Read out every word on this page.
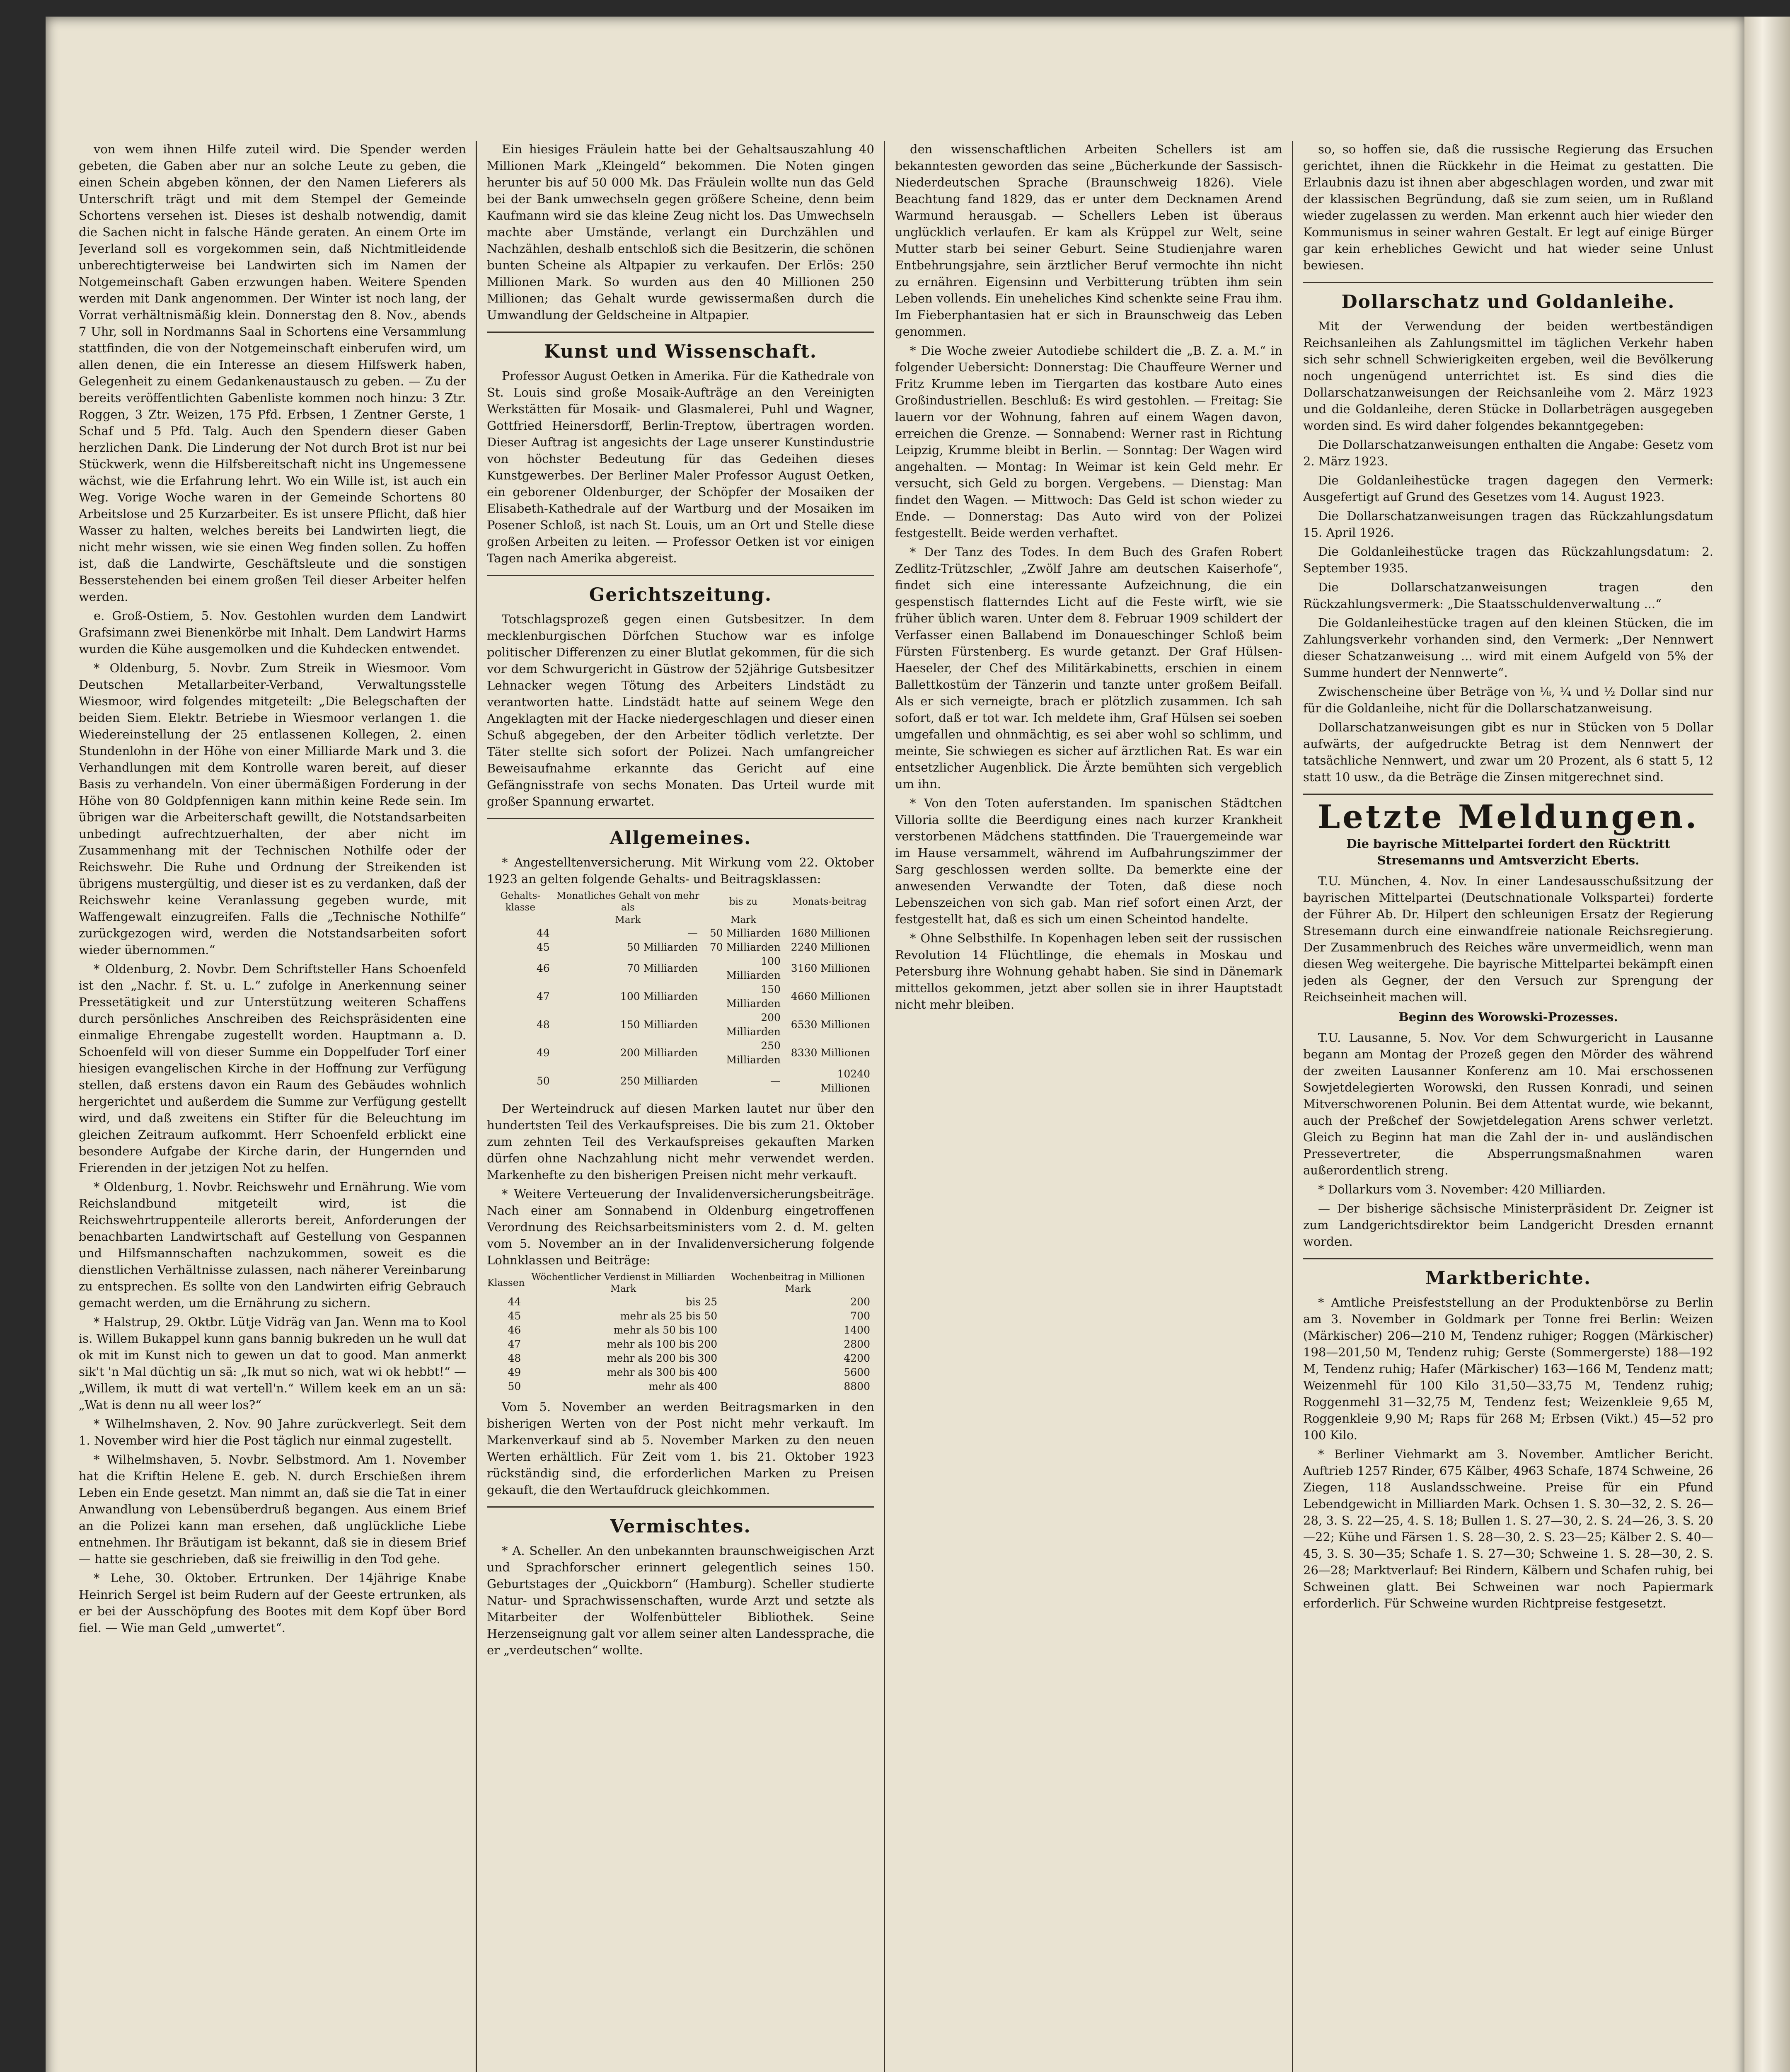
von wem ihnen Hilfe zuteil wird. Die Spender werden gebeten, die Gaben aber nur an solche Leute zu geben, die einen Schein abgeben können, der den Namen Lieferers als Unterschrift trägt und mit dem Stempel der Gemeinde Schortens versehen ist. Dieses ist deshalb notwendig, damit die Sachen nicht in falsche Hände geraten. An einem Orte im Jeverland soll es vorgekommen sein, daß Nichtmitleidende unberechtigterweise bei Landwirten sich im Namen der Notgemeinschaft Gaben erzwungen haben. Weitere Spenden werden mit Dank angenommen. Der Winter ist noch lang, der Vorrat verhältnismäßig klein. Donnerstag den 8. Nov., abends 7 Uhr, soll in Nordmanns Saal in Schortens eine Versammlung stattfinden, die von der Notgemeinschaft einberufen wird, um allen denen, die ein Interesse an diesem Hilfswerk haben, Gelegenheit zu einem Gedankenaustausch zu geben. — Zu der bereits veröffentlichten Gabenliste kommen noch hinzu: 3 Ztr. Roggen, 3 Ztr. Weizen, 175 Pfd. Erbsen, 1 Zentner Gerste, 1 Schaf und 5 Pfd. Talg. Auch den Spendern dieser Gaben herzlichen Dank. Die Linderung der Not durch Brot ist nur bei Stückwerk, wenn die Hilfsbereitschaft nicht ins Ungemessene wächst, wie die Erfahrung lehrt. Wo ein Wille ist, ist auch ein Weg. Vorige Woche waren in der Gemeinde Schortens 80 Arbeitslose und 25 Kurzarbeiter. Es ist unsere Pflicht, daß hier Wasser zu halten, welches bereits bei Landwirten liegt, die nicht mehr wissen, wie sie einen Weg finden sollen. Zu hoffen ist, daß die Landwirte, Geschäftsleute und die sonstigen Besserstehenden bei einem großen Teil dieser Arbeiter helfen werden.

e. Groß-Ostiem, 5. Nov. Gestohlen wurden dem Landwirt Grafsimann zwei Bienenkörbe mit Inhalt. Dem Landwirt Harms wurden die Kühe ausgemolken und die Kuhdecken entwendet.

* Oldenburg, 5. Novbr. Zum Streik in Wiesmoor. Vom Deutschen Metallarbeiter-Verband, Verwaltungsstelle Wiesmoor, wird folgendes mitgeteilt: „Die Belegschaften der beiden Siem. Elektr. Betriebe in Wiesmoor verlangen 1. die Wiedereinstellung der 25 entlassenen Kollegen, 2. einen Stundenlohn in der Höhe von einer Milliarde Mark und 3. die Verhandlungen mit dem Kontrolle waren bereit, auf dieser Basis zu verhandeln. Von einer übermäßigen Forderung in der Höhe von 80 Goldpfennigen kann mithin keine Rede sein. Im übrigen war die Arbeiterschaft gewillt, die Notstandsarbeiten unbedingt aufrechtzuerhalten, der aber nicht im Zusammenhang mit der Technischen Nothilfe oder der Reichswehr. Die Ruhe und Ordnung der Streikenden ist übrigens mustergültig, und dieser ist es zu verdanken, daß der Reichswehr keine Veranlassung gegeben wurde, mit Waffengewalt einzugreifen. Falls die „Technische Nothilfe“ zurückgezogen wird, werden die Notstandsarbeiten sofort wieder übernommen.“

* Oldenburg, 2. Novbr. Dem Schriftsteller Hans Schoenfeld ist den „Nachr. f. St. u. L.“ zufolge in Anerkennung seiner Pressetätigkeit und zur Unterstützung weiteren Schaffens durch persönliches Anschreiben des Reichspräsidenten eine einmalige Ehrengabe zugestellt worden. Hauptmann a. D. Schoenfeld will von dieser Summe ein Doppelfuder Torf einer hiesigen evangelischen Kirche in der Hoffnung zur Verfügung stellen, daß erstens davon ein Raum des Gebäudes wohnlich hergerichtet und außerdem die Summe zur Verfügung gestellt wird, und daß zweitens ein Stifter für die Beleuchtung im gleichen Zeitraum aufkommt. Herr Schoenfeld erblickt eine besondere Aufgabe der Kirche darin, der Hungernden und Frierenden in der jetzigen Not zu helfen.

* Oldenburg, 1. Novbr. Reichswehr und Ernährung. Wie vom Reichslandbund mitgeteilt wird, ist die Reichswehrtruppenteile allerorts bereit, Anforderungen der benachbarten Landwirtschaft auf Gestellung von Gespannen und Hilfsmannschaften nachzukommen, soweit es die dienstlichen Verhältnisse zulassen, nach näherer Vereinbarung zu entsprechen. Es sollte von den Landwirten eifrig Gebrauch gemacht werden, um die Ernährung zu sichern.

* Halstrup, 29. Oktbr. Lütje Vidräg van Jan. Wenn ma to Kool is. Willem Bukappel kunn gans bannig bukreden un he wull dat ok mit im Kunst nich to gewen un dat to good. Man anmerkt sik't 'n Mal düchtig un sä: „Ik mut so nich, wat wi ok hebbt!“ — „Willem, ik mutt di wat vertell'n.“ Willem keek em an un sä: „Wat is denn nu all weer los?“

* Wilhelmshaven, 2. Nov. 90 Jahre zurückverlegt. Seit dem 1. November wird hier die Post täglich nur einmal zugestellt.

* Wilhelmshaven, 5. Novbr. Selbstmord. Am 1. November hat die Kriftin Helene E. geb. N. durch Erschießen ihrem Leben ein Ende gesetzt. Man nimmt an, daß sie die Tat in einer Anwandlung von Lebensüberdruß begangen. Aus einem Brief an die Polizei kann man ersehen, daß unglückliche Liebe entnehmen. Ihr Bräutigam ist bekannt, daß sie in diesem Brief — hatte sie geschrieben, daß sie freiwillig in den Tod gehe.

* Lehe, 30. Oktober. Ertrunken. Der 14jährige Knabe Heinrich Sergel ist beim Rudern auf der Geeste ertrunken, als er bei der Ausschöpfung des Bootes mit dem Kopf über Bord fiel. — Wie man Geld „umwertet“.

Ein hiesiges Fräulein hatte bei der Gehaltsauszahlung 40 Millionen Mark „Kleingeld“ bekommen. Die Noten gingen herunter bis auf 50 000 Mk. Das Fräulein wollte nun das Geld bei der Bank umwechseln gegen größere Scheine, denn beim Kaufmann wird sie das kleine Zeug nicht los. Das Umwechseln machte aber Umstände, verlangt ein Durchzählen und Nachzählen, deshalb entschloß sich die Besitzerin, die schönen bunten Scheine als Altpapier zu verkaufen. Der Erlös: 250 Millionen Mark. So wurden aus den 40 Millionen 250 Millionen; das Gehalt wurde gewissermaßen durch die Umwandlung der Geldscheine in Altpapier.

Kunst und Wissenschaft.

Professor August Oetken in Amerika. Für die Kathedrale von St. Louis sind große Mosaik-Aufträge an den Vereinigten Werkstätten für Mosaik- und Glasmalerei, Puhl und Wagner, Gottfried Heinersdorff, Berlin-Treptow, übertragen worden. Dieser Auftrag ist angesichts der Lage unserer Kunstindustrie von höchster Bedeutung für das Gedeihen dieses Kunstgewerbes. Der Berliner Maler Professor August Oetken, ein geborener Oldenburger, der Schöpfer der Mosaiken der Elisabeth-Kathedrale auf der Wartburg und der Mosaiken im Posener Schloß, ist nach St. Louis, um an Ort und Stelle diese großen Arbeiten zu leiten. — Professor Oetken ist vor einigen Tagen nach Amerika abgereist.

Gerichtszeitung.

Totschlagsprozeß gegen einen Gutsbesitzer. In dem mecklenburgischen Dörfchen Stuchow war es infolge politischer Differenzen zu einer Blutlat gekommen, für die sich vor dem Schwurgericht in Güstrow der 52jährige Gutsbesitzer Lehnacker wegen Tötung des Arbeiters Lindstädt zu verantworten hatte. Lindstädt hatte auf seinem Wege den Angeklagten mit der Hacke niedergeschlagen und dieser einen Schuß abgegeben, der den Arbeiter tödlich verletzte. Der Täter stellte sich sofort der Polizei. Nach umfangreicher Beweisaufnahme erkannte das Gericht auf eine Gefängnisstrafe von sechs Monaten. Das Urteil wurde mit großer Spannung erwartet.

Allgemeines.

* Angestelltenversicherung. Mit Wirkung vom 22. Oktober 1923 an gelten folgende Gehalts- und Beitragsklassen:

Gehalts-klasse	Monatliches Gehalt von mehr als	bis zu	Monats-beitrag
	Mark	Mark	
44	—	50 Milliarden	1680 Millionen
45	50 Milliarden	70 Milliarden	2240 Millionen
46	70 Milliarden	100 Milliarden	3160 Millionen
47	100 Milliarden	150 Milliarden	4660 Millionen
48	150 Milliarden	200 Milliarden	6530 Millionen
49	200 Milliarden	250 Milliarden	8330 Millionen
50	250 Milliarden	—	10240 Millionen

Der Werteindruck auf diesen Marken lautet nur über den hundertsten Teil des Verkaufspreises. Die bis zum 21. Oktober zum zehnten Teil des Verkaufspreises gekauften Marken dürfen ohne Nachzahlung nicht mehr verwendet werden. Markenhefte zu den bisherigen Preisen nicht mehr verkauft.

* Weitere Verteuerung der Invalidenversicherungsbeiträge. Nach einer am Sonnabend in Oldenburg eingetroffenen Verordnung des Reichsarbeitsministers vom 2. d. M. gelten vom 5. November an in der Invalidenversicherung folgende Lohnklassen und Beiträge:

Klassen	Wöchentlicher Verdienst in Milliarden Mark	Wochenbeitrag in Millionen Mark
44	bis 25	200
45	mehr als 25 bis 50	700
46	mehr als 50 bis 100	1400
47	mehr als 100 bis 200	2800
48	mehr als 200 bis 300	4200
49	mehr als 300 bis 400	5600
50	mehr als 400	8800

Vom 5. November an werden Beitragsmarken in den bisherigen Werten von der Post nicht mehr verkauft. Im Markenverkauf sind ab 5. November Marken zu den neuen Werten erhältlich. Für Zeit vom 1. bis 21. Oktober 1923 rückständig sind, die erforderlichen Marken zu Preisen gekauft, die den Wertaufdruck gleichkommen.

Vermischtes.

* A. Scheller. An den unbekannten braunschweigischen Arzt und Sprachforscher erinnert gelegentlich seines 150. Geburtstages der „Quickborn“ (Hamburg). Scheller studierte Natur- und Sprachwissenschaften, wurde Arzt und setzte als Mitarbeiter der Wolfenbütteler Bibliothek. Seine Herzenseignung galt vor allem seiner alten Landessprache, die er „verdeutschen“ wollte.

den wissenschaftlichen Arbeiten Schellers ist am bekanntesten geworden das seine „Bücherkunde der Sassisch-Niederdeutschen Sprache (Braunschweig 1826). Viele Beachtung fand 1829, das er unter dem Decknamen Arend Warmund herausgab. — Schellers Leben ist überaus unglücklich verlaufen. Er kam als Krüppel zur Welt, seine Mutter starb bei seiner Geburt. Seine Studienjahre waren Entbehrungsjahre, sein ärztlicher Beruf vermochte ihn nicht zu ernähren. Eigensinn und Verbitterung trübten ihm sein Leben vollends. Ein uneheliches Kind schenkte seine Frau ihm. Im Fieberphantasien hat er sich in Braunschweig das Leben genommen.

* Die Woche zweier Autodiebe schildert die „B. Z. a. M.“ in folgender Uebersicht: Donnerstag: Die Chauffeure Werner und Fritz Krumme leben im Tiergarten das kostbare Auto eines Großindustriellen. Beschluß: Es wird gestohlen. — Freitag: Sie lauern vor der Wohnung, fahren auf einem Wagen davon, erreichen die Grenze. — Sonnabend: Werner rast in Richtung Leipzig, Krumme bleibt in Berlin. — Sonntag: Der Wagen wird angehalten. — Montag: In Weimar ist kein Geld mehr. Er versucht, sich Geld zu borgen. Vergebens. — Dienstag: Man findet den Wagen. — Mittwoch: Das Geld ist schon wieder zu Ende. — Donnerstag: Das Auto wird von der Polizei festgestellt. Beide werden verhaftet.

* Der Tanz des Todes. In dem Buch des Grafen Robert Zedlitz-Trützschler, „Zwölf Jahre am deutschen Kaiserhofe“, findet sich eine interessante Aufzeichnung, die ein gespenstisch flatterndes Licht auf die Feste wirft, wie sie früher üblich waren. Unter dem 8. Februar 1909 schildert der Verfasser einen Ballabend im Donaueschinger Schloß beim Fürsten Fürstenberg. Es wurde getanzt. Der Graf Hülsen-Haeseler, der Chef des Militärkabinetts, erschien in einem Ballettkostüm der Tänzerin und tanzte unter großem Beifall. Als er sich verneigte, brach er plötzlich zusammen. Ich sah sofort, daß er tot war. Ich meldete ihm, Graf Hülsen sei soeben umgefallen und ohnmächtig, es sei aber wohl so schlimm, und meinte, Sie schwiegen es sicher auf ärztlichen Rat. Es war ein entsetzlicher Augenblick. Die Ärzte bemühten sich vergeblich um ihn.

* Von den Toten auferstanden. Im spanischen Städtchen Villoria sollte die Beerdigung eines nach kurzer Krankheit verstorbenen Mädchens stattfinden. Die Trauergemeinde war im Hause versammelt, während im Aufbahrungszimmer der Sarg geschlossen werden sollte. Da bemerkte eine der anwesenden Verwandte der Toten, daß diese noch Lebenszeichen von sich gab. Man rief sofort einen Arzt, der festgestellt hat, daß es sich um einen Scheintod handelte.

* Ohne Selbsthilfe. In Kopenhagen leben seit der russischen Revolution 14 Flüchtlinge, die ehemals in Moskau und Petersburg ihre Wohnung gehabt haben. Sie sind in Dänemark mittellos gekommen, jetzt aber sollen sie in ihrer Hauptstadt nicht mehr bleiben.

so, so hoffen sie, daß die russische Regierung das Ersuchen gerichtet, ihnen die Rückkehr in die Heimat zu gestatten. Die Erlaubnis dazu ist ihnen aber abgeschlagen worden, und zwar mit der klassischen Begründung, daß sie zum seien, um in Rußland wieder zugelassen zu werden. Man erkennt auch hier wieder den Kommunismus in seiner wahren Gestalt. Er legt auf einige Bürger gar kein erhebliches Gewicht und hat wieder seine Unlust bewiesen.

Dollarschatz und Goldanleihe.

Mit der Verwendung der beiden wertbeständigen Reichsanleihen als Zahlungsmittel im täglichen Verkehr haben sich sehr schnell Schwierigkeiten ergeben, weil die Bevölkerung noch ungenügend unterrichtet ist. Es sind dies die Dollarschatzanweisungen der Reichsanleihe vom 2. März 1923 und die Goldanleihe, deren Stücke in Dollarbeträgen ausgegeben worden sind. Es wird daher folgendes bekanntgegeben:

Die Dollarschatzanweisungen enthalten die Angabe: Gesetz vom 2. März 1923.

Die Goldanleihestücke tragen dagegen den Vermerk: Ausgefertigt auf Grund des Gesetzes vom 14. August 1923.

Die Dollarschatzanweisungen tragen das Rückzahlungsdatum 15. April 1926.

Die Goldanleihestücke tragen das Rückzahlungsdatum: 2. September 1935.

Die Dollarschatzanweisungen tragen den Rückzahlungsvermerk: „Die Staatsschuldenverwaltung ...“

Die Goldanleihestücke tragen auf den kleinen Stücken, die im Zahlungsverkehr vorhanden sind, den Vermerk: „Der Nennwert dieser Schatzanweisung ... wird mit einem Aufgeld von 5% der Summe hundert der Nennwerte“.

Zwischenscheine über Beträge von ⅛, ¼ und ½ Dollar sind nur für die Goldanleihe, nicht für die Dollarschatzanweisung.

Dollarschatzanweisungen gibt es nur in Stücken von 5 Dollar aufwärts, der aufgedruckte Betrag ist dem Nennwert der tatsächliche Nennwert, und zwar um 20 Prozent, als 6 statt 5, 12 statt 10 usw., da die Beträge die Zinsen mitgerechnet sind.

Letzte Meldungen.

Die bayrische Mittelpartei fordert den Rücktritt Stresemanns und Amtsverzicht Eberts.

T.U. München, 4. Nov. In einer Landesausschußsitzung der bayrischen Mittelpartei (Deutschnationale Volkspartei) forderte der Führer Ab. Dr. Hilpert den schleunigen Ersatz der Regierung Stresemann durch eine einwandfreie nationale Reichsregierung. Der Zusammenbruch des Reiches wäre unvermeidlich, wenn man diesen Weg weitergehe. Die bayrische Mittelpartei bekämpft einen jeden als Gegner, der den Versuch zur Sprengung der Reichseinheit machen will.

Beginn des Worowski-Prozesses.

T.U. Lausanne, 5. Nov. Vor dem Schwurgericht in Lausanne begann am Montag der Prozeß gegen den Mörder des während der zweiten Lausanner Konferenz am 10. Mai erschossenen Sowjetdelegierten Worowski, den Russen Konradi, und seinen Mitverschworenen Polunin. Bei dem Attentat wurde, wie bekannt, auch der Preßchef der Sowjetdelegation Arens schwer verletzt. Gleich zu Beginn hat man die Zahl der in- und ausländischen Pressevertreter, die Absperrungsmaßnahmen waren außerordentlich streng.

* Dollarkurs vom 3. November: 420 Milliarden.

— Der bisherige sächsische Ministerpräsident Dr. Zeigner ist zum Landgerichtsdirektor beim Landgericht Dresden ernannt worden.

Marktberichte.

* Amtliche Preisfeststellung an der Produktenbörse zu Berlin am 3. November in Goldmark per Tonne frei Berlin: Weizen (Märkischer) 206—210 M, Tendenz ruhiger; Roggen (Märkischer) 198—201,50 M, Tendenz ruhig; Gerste (Sommergerste) 188—192 M, Tendenz ruhig; Hafer (Märkischer) 163—166 M, Tendenz matt; Weizenmehl für 100 Kilo 31,50—33,75 M, Tendenz ruhig; Roggenmehl 31—32,75 M, Tendenz fest; Weizenkleie 9,65 M, Roggenkleie 9,90 M; Raps für 268 M; Erbsen (Vikt.) 45—52 pro 100 Kilo.

* Berliner Viehmarkt am 3. November. Amtlicher Bericht. Auftrieb 1257 Rinder, 675 Kälber, 4963 Schafe, 1874 Schweine, 26 Ziegen, 118 Auslandsschweine. Preise für ein Pfund Lebendgewicht in Milliarden Mark. Ochsen 1. S. 30—32, 2. S. 26—28, 3. S. 22—25, 4. S. 18; Bullen 1. S. 27—30, 2. S. 24—26, 3. S. 20—22; Kühe und Färsen 1. S. 28—30, 2. S. 23—25; Kälber 2. S. 40—45, 3. S. 30—35; Schafe 1. S. 27—30; Schweine 1. S. 28—30, 2. S. 26—28; Marktverlauf: Bei Rindern, Kälbern und Schafen ruhig, bei Schweinen glatt. Bei Schweinen war noch Papiermark erforderlich. Für Schweine wurden Richtpreise festgesetzt.
